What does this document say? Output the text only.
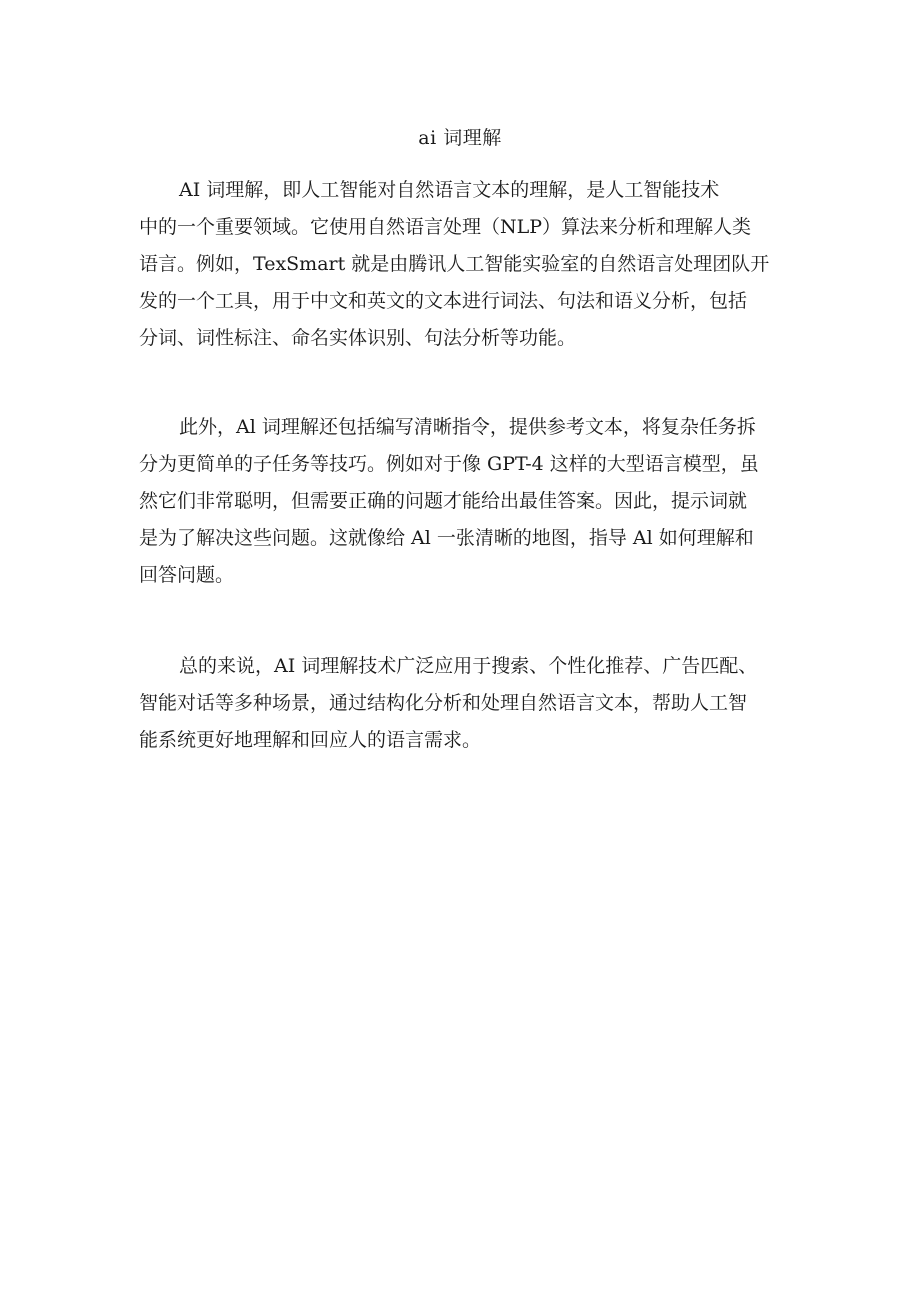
ai 词理解
AI 词理解，即人工智能对自然语言文本的理解，是人工智能技术
中的一个重要领域。它使用自然语言处理（NLP）算法来分析和理解人类
语言。例如，TexSmart 就是由腾讯人工智能实验室的自然语言处理团队开
发的一个工具，用于中文和英文的文本进行词法、句法和语义分析，包括
分词、词性标注、命名实体识别、句法分析等功能。
此外，Al 词理解还包括编写清晰指令，提供参考文本，将复杂任务拆
分为更简单的子任务等技巧。例如对于像 GPT-4 这样的大型语言模型，虽
然它们非常聪明，但需要正确的问题才能给出最佳答案。因此，提示词就
是为了解决这些问题。这就像给 Al 一张清晰的地图，指导 Al 如何理解和
回答问题。
总的来说，AI 词理解技术广泛应用于搜索、个性化推荐、广告匹配、
智能对话等多种场景，通过结构化分析和处理自然语言文本，帮助人工智
能系统更好地理解和回应人的语言需求。
